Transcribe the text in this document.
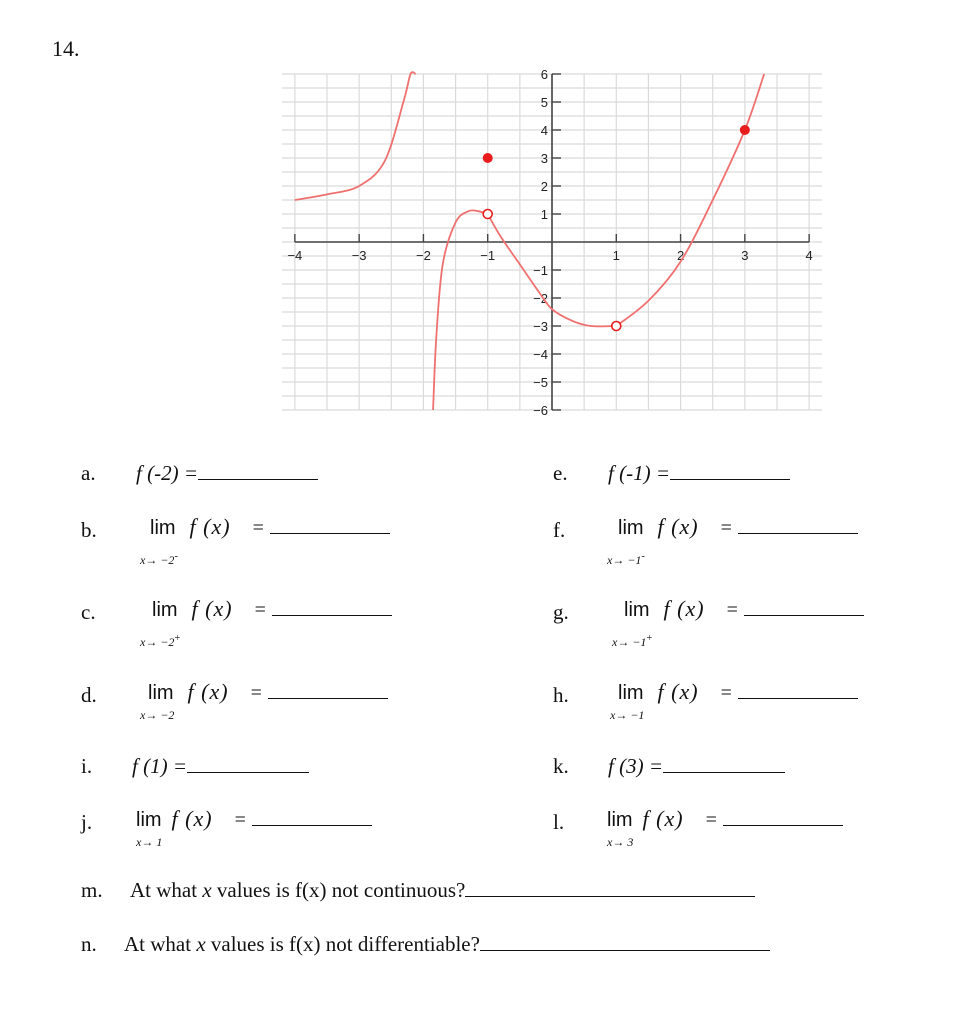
14.
−4	−3	−2	−1	1	2	3	4
6
5
4
3
2
1
−1
−2
−3
−4
−5
−6
a. f (-2) =	e. f (-1) =
b.	lim f (x) =
x→ −2-
f.	lim f (x) =
x→ −1-
c.	lim f (x) =
x→ −2+
g.	lim f (x) =
x→ −1+
d.	lim f (x) =
x→ −2
h. lim f (x) =
x→ −1
i. f (1) =	k. f (3) =
j. lim f (x) =
x→ 1
l. lim f (x) =
x→ 3
m. At what x values is f(x) not continuous?
n. At what x values is f(x) not differentiable?
